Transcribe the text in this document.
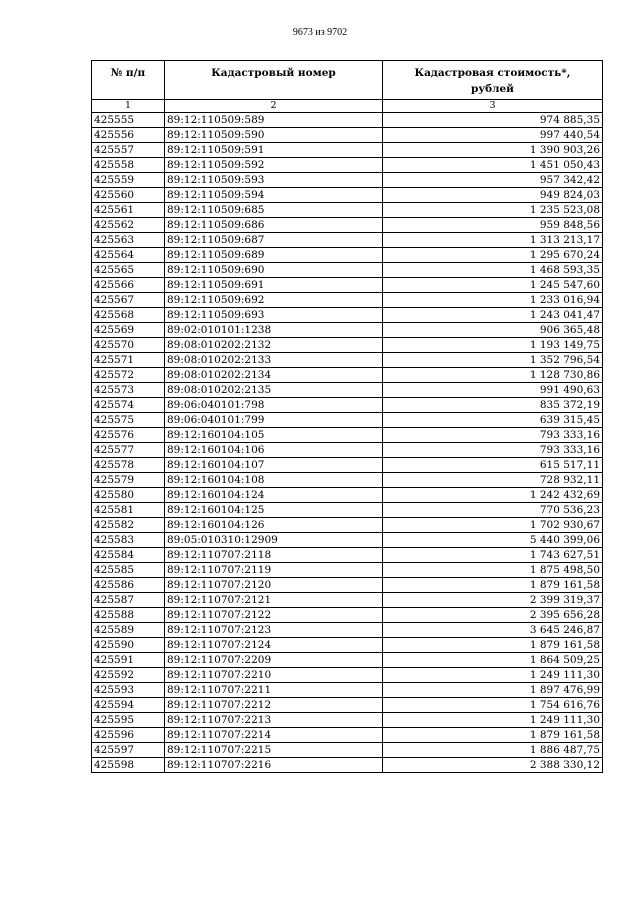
9673 из 9702
№ п/п	Кадастровый номер	Кадастровая стоимость*,
рублей
1	2	3
425555	89:12:110509:589	974 885,35
425556	89:12:110509:590	997 440,54
425557	89:12:110509:591	1 390 903,26
425558	89:12:110509:592	1 451 050,43
425559	89:12:110509:593	957 342,42
425560	89:12:110509:594	949 824,03
425561	89:12:110509:685	1 235 523,08
425562	89:12:110509:686	959 848,56
425563	89:12:110509:687	1 313 213,17
425564	89:12:110509:689	1 295 670,24
425565	89:12:110509:690	1 468 593,35
425566	89:12:110509:691	1 245 547,60
425567	89:12:110509:692	1 233 016,94
425568	89:12:110509:693	1 243 041,47
425569	89:02:010101:1238	906 365,48
425570	89:08:010202:2132	1 193 149,75
425571	89:08:010202:2133	1 352 796,54
425572	89:08:010202:2134	1 128 730,86
425573	89:08:010202:2135	991 490,63
425574	89:06:040101:798	835 372,19
425575	89:06:040101:799	639 315,45
425576	89:12:160104:105	793 333,16
425577	89:12:160104:106	793 333,16
425578	89:12:160104:107	615 517,11
425579	89:12:160104:108	728 932,11
425580	89:12:160104:124	1 242 432,69
425581	89:12:160104:125	770 536,23
425582	89:12:160104:126	1 702 930,67
425583	89:05:010310:12909	5 440 399,06
425584	89:12:110707:2118	1 743 627,51
425585	89:12:110707:2119	1 875 498,50
425586	89:12:110707:2120	1 879 161,58
425587	89:12:110707:2121	2 399 319,37
425588	89:12:110707:2122	2 395 656,28
425589	89:12:110707:2123	3 645 246,87
425590	89:12:110707:2124	1 879 161,58
425591	89:12:110707:2209	1 864 509,25
425592	89:12:110707:2210	1 249 111,30
425593	89:12:110707:2211	1 897 476,99
425594	89:12:110707:2212	1 754 616,76
425595	89:12:110707:2213	1 249 111,30
425596	89:12:110707:2214	1 879 161,58
425597	89:12:110707:2215	1 886 487,75
425598	89:12:110707:2216	2 388 330,12
